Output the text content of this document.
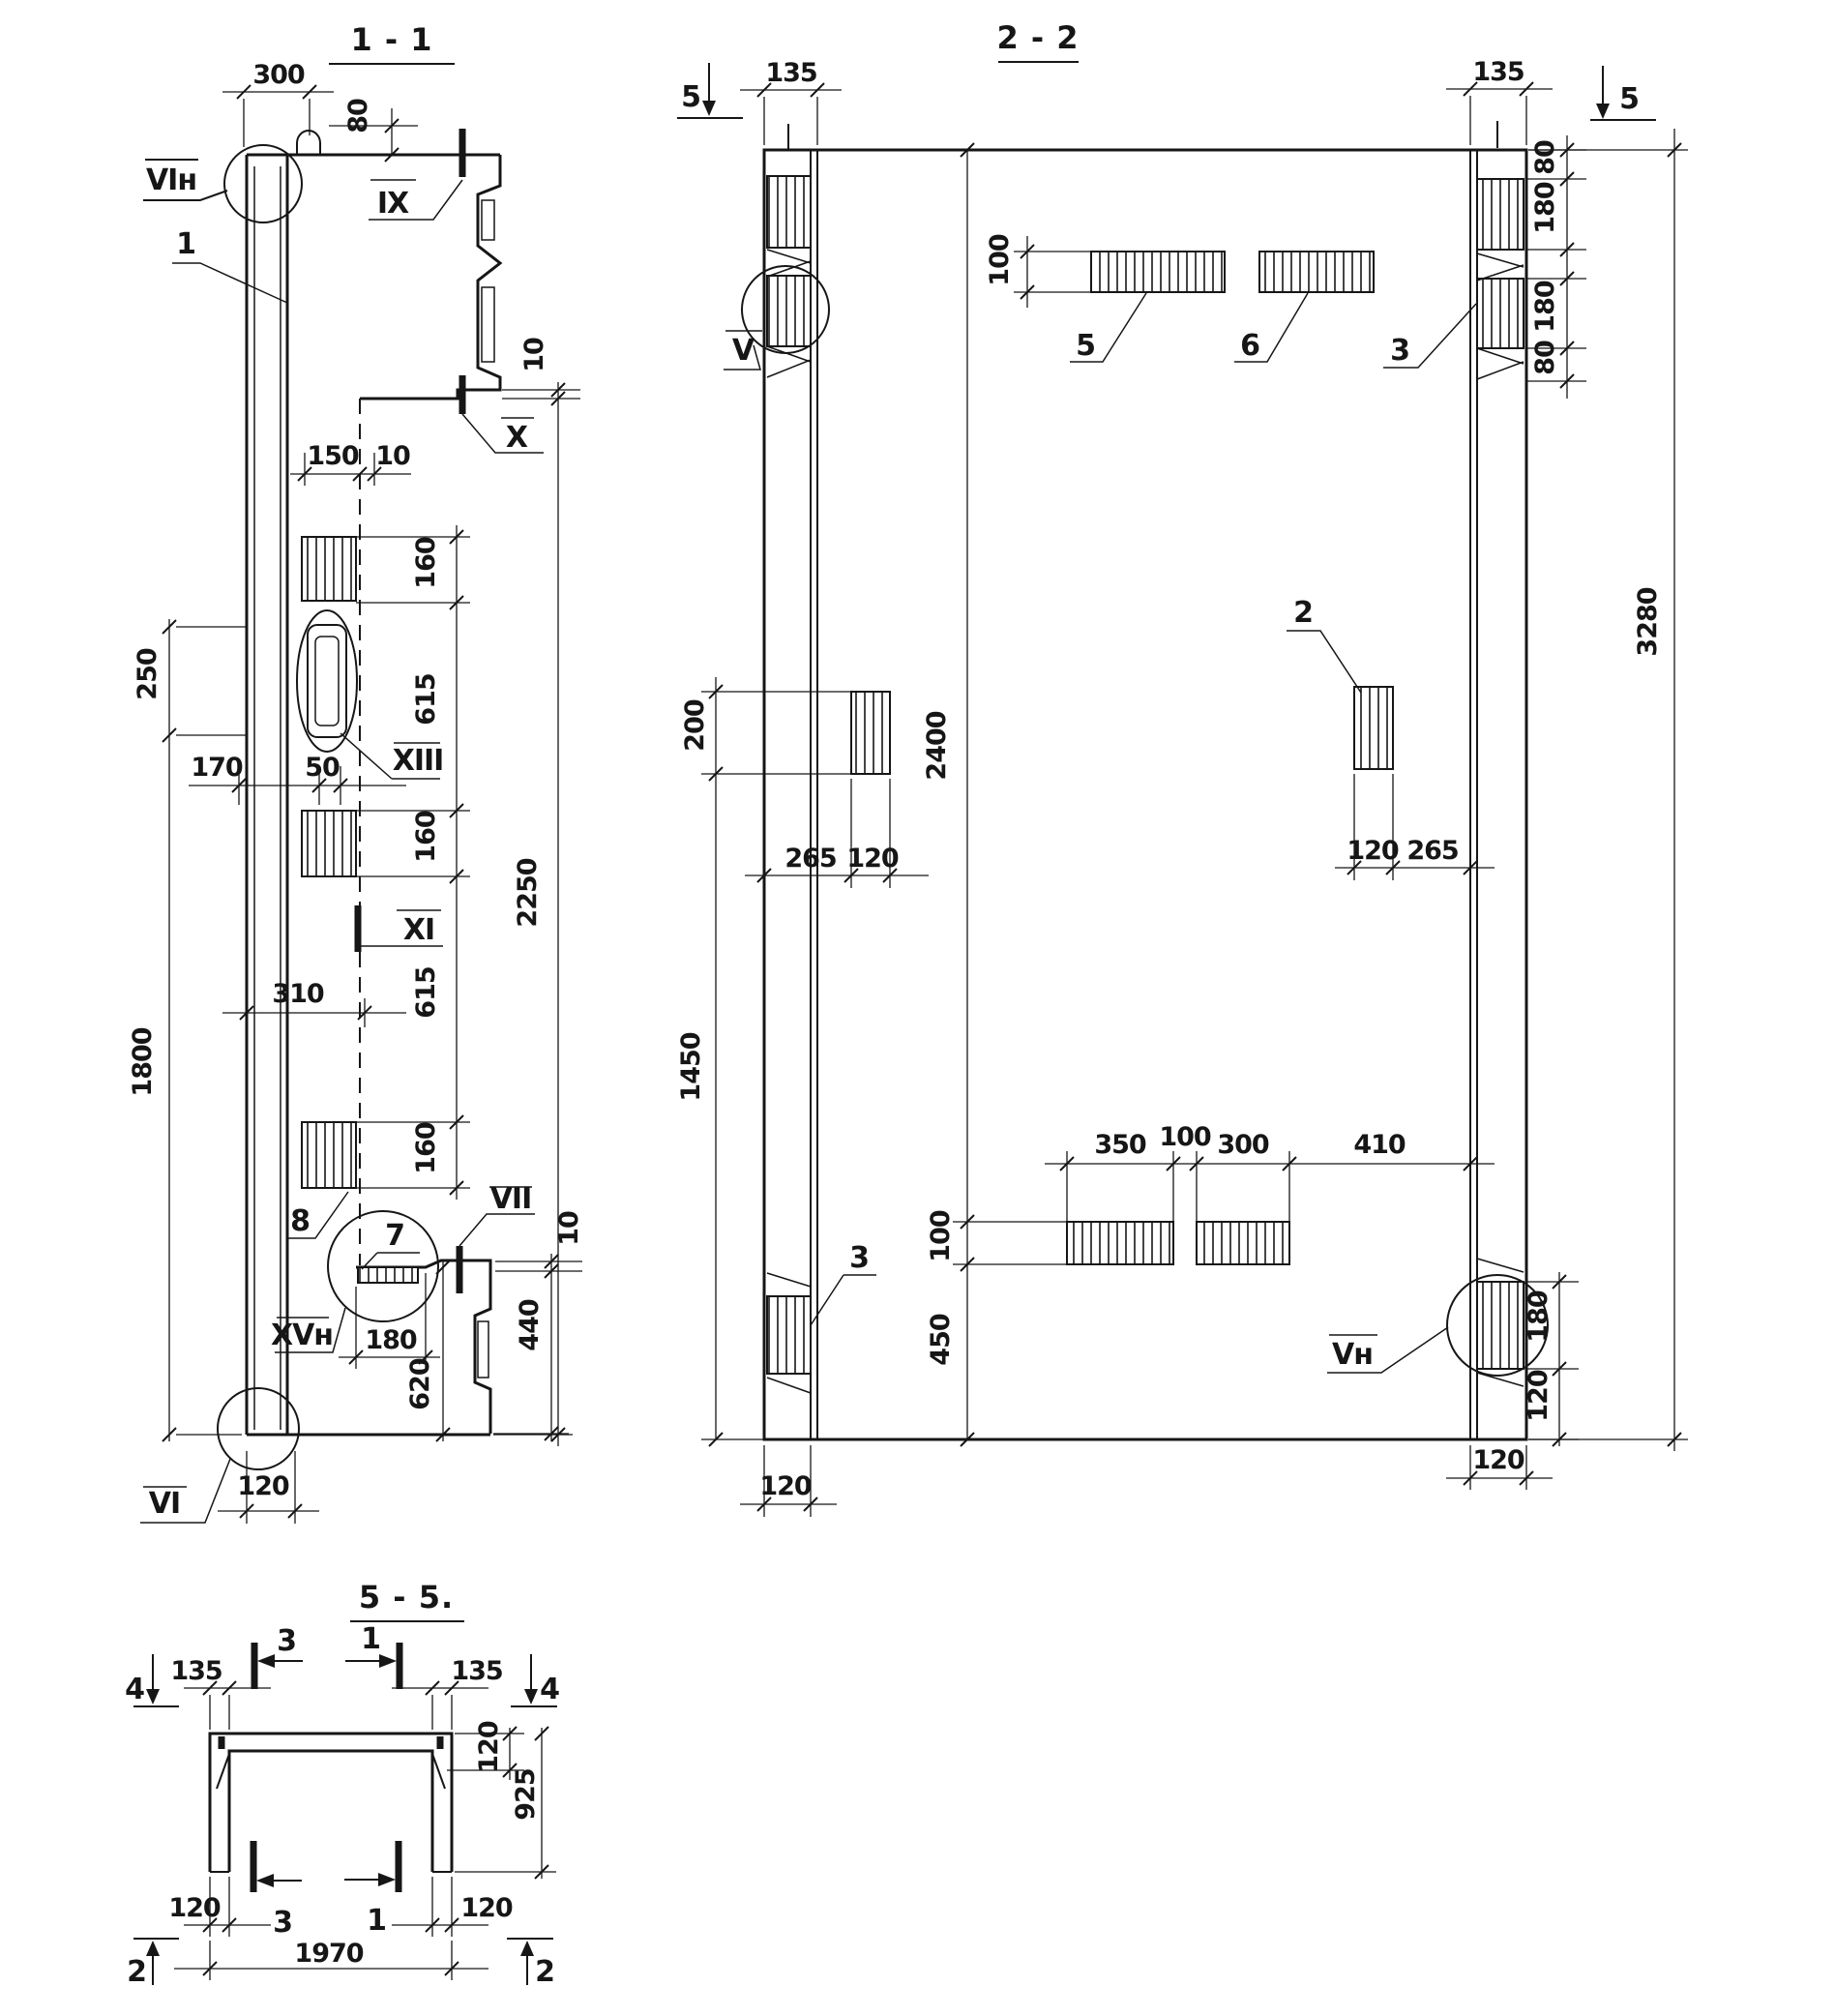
1 - 1
300
80
150 10
160
615
160
615
160
250
1800
170 50
2250
10
310
180
620
440
10
120
VIн
IX
X
XIII
XI
VII
XVн
VI
1
7
8
2 - 2
5	5
135	135
80
180
180
80
3280
100
5	6	3
V
2400
100
450
200
1450
265 120	120 265
2
350 100 300	410
3
Vн
120
120
180
120
5 - 5.
4	4
3 1
135	135
120
925
3	1
120	120
1970
2	2
